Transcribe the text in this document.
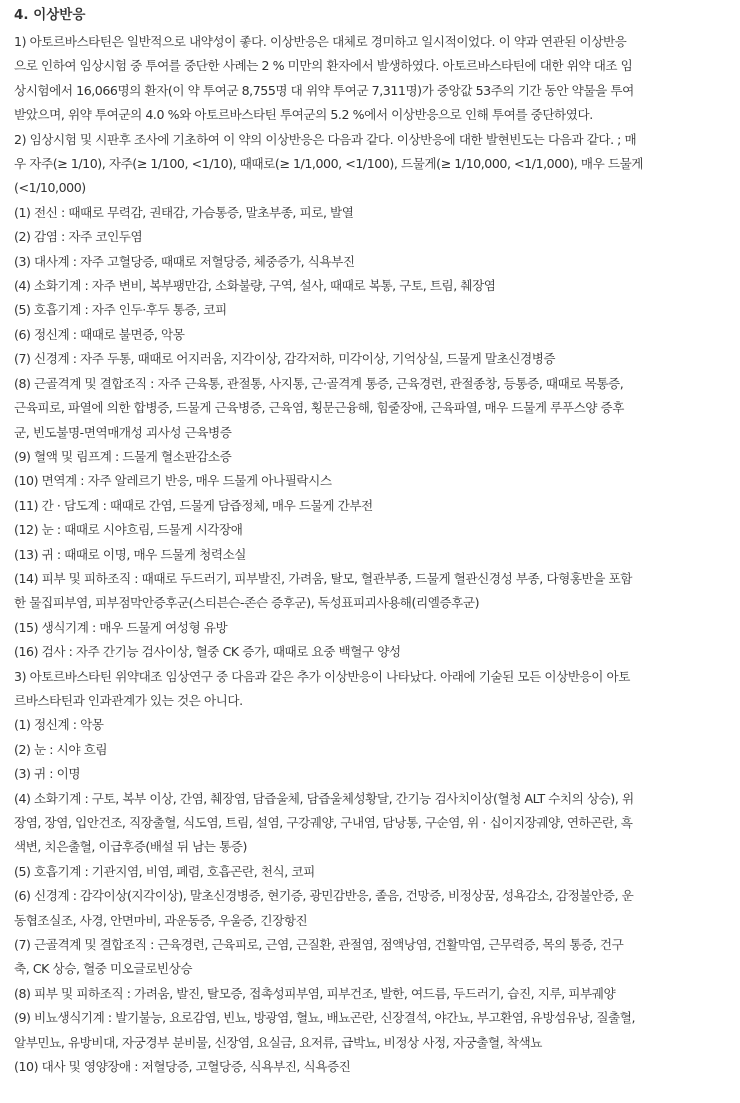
4. 이상반응
1) 아토르바스타틴은 일반적으로 내약성이 좋다. 이상반응은 대체로 경미하고 일시적이었다. 이 약과 연관된 이상반응
으로 인하여 임상시험 중 투여를 중단한 사례는 2 % 미만의 환자에서 발생하였다. 아토르바스타틴에 대한 위약 대조 임
상시험에서 16,066명의 환자(이 약 투여군 8,755명 대 위약 투여군 7,311명)가 중앙값 53주의 기간 동안 약물을 투여
받았으며, 위약 투여군의 4.0 %와 아토르바스타틴 투여군의 5.2 %에서 이상반응으로 인해 투여를 중단하였다.
2) 임상시험 및 시판후 조사에 기초하여 이 약의 이상반응은 다음과 같다. 이상반응에 대한 발현빈도는 다음과 같다. ; 매
우 자주(≥ 1/10), 자주(≥ 1/100, <1/10), 때때로(≥ 1/1,000, <1/100), 드물게(≥ 1/10,000, <1/1,000), 매우 드물게
(<1/10,000)
(1) 전신 : 때때로 무력감, 권태감, 가슴통증, 말초부종, 피로, 발열
(2) 감염 : 자주 코인두염
(3) 대사계 : 자주 고혈당증, 때때로 저혈당증, 체중증가, 식욕부진
(4) 소화기계 : 자주 변비, 복부팽만감, 소화불량, 구역, 설사, 때때로 복통, 구토, 트림, 췌장염
(5) 호흡기계 : 자주 인두·후두 통증, 코피
(6) 정신계 : 때때로 불면증, 악몽
(7) 신경계 : 자주 두통, 때때로 어지러움, 지각이상, 감각저하, 미각이상, 기억상실, 드물게 말초신경병증
(8) 근골격계 및 결합조직 : 자주 근육통, 관절통, 사지통, 근·골격계 통증, 근육경련, 관절종창, 등통증, 때때로 목통증,
근육피로, 파열에 의한 합병증, 드물게 근육병증, 근육염, 횡문근융해, 힘줄장애, 근육파열, 매우 드물게 루푸스양 증후
군, 빈도불명-면역매개성 괴사성 근육병증
(9) 혈액 및 림프계 : 드물게 혈소판감소증
(10) 면역계 : 자주 알레르기 반응, 매우 드물게 아나필락시스
(11) 간 · 담도계 : 때때로 간염, 드물게 담즙정체, 매우 드물게 간부전
(12) 눈 : 때때로 시야흐림, 드물게 시각장애
(13) 귀 : 때때로 이명, 매우 드물게 청력소실
(14) 피부 및 피하조직 : 때때로 두드러기, 피부발진, 가려움, 탈모, 혈관부종, 드물게 혈관신경성 부종, 다형홍반을 포함
한 물집피부염, 피부점막안증후군(스티븐슨-존슨 증후군), 독성표피괴사용해(리엘증후군)
(15) 생식기계 : 매우 드물게 여성형 유방
(16) 검사 : 자주 간기능 검사이상, 혈중 CK 증가, 때때로 요중 백혈구 양성
3) 아토르바스타틴 위약대조 임상연구 중 다음과 같은 추가 이상반응이 나타났다. 아래에 기술된 모든 이상반응이 아토
르바스타틴과 인과관계가 있는 것은 아니다.
(1) 정신계 : 악몽
(2) 눈 : 시야 흐림
(3) 귀 : 이명
(4) 소화기계 : 구토, 복부 이상, 간염, 췌장염, 담즙울체, 담즙울체성황달, 간기능 검사치이상(혈청 ALT 수치의 상승), 위
장염, 장염, 입안건조, 직장출혈, 식도염, 트림, 설염, 구강궤양, 구내염, 담낭통, 구순염, 위 · 십이지장궤양, 연하곤란, 흑
색변, 치은출혈, 이급후증(배설 뒤 남는 통증)
(5) 호흡기계 : 기관지염, 비염, 폐렴, 호흡곤란, 천식, 코피
(6) 신경계 : 감각이상(지각이상), 말초신경병증, 현기증, 광민감반응, 졸음, 건망증, 비정상꿈, 성욕감소, 감정불안증, 운
동협조실조, 사경, 안면마비, 과운동증, 우울증, 긴장항진
(7) 근골격계 및 결합조직 : 근육경련, 근육피로, 근염, 근질환, 관절염, 점액낭염, 건활막염, 근무력증, 목의 통증, 건구
축, CK 상승, 혈중 미오글로빈상승
(8) 피부 및 피하조직 : 가려움, 발진, 탈모증, 접촉성피부염, 피부건조, 발한, 여드름, 두드러기, 습진, 지루, 피부궤양
(9) 비뇨생식기계 : 발기불능, 요로감염, 빈뇨, 방광염, 혈뇨, 배뇨곤란, 신장결석, 야간뇨, 부고환염, 유방섬유낭, 질출혈,
알부민뇨, 유방비대, 자궁경부 분비물, 신장염, 요실금, 요저류, 급박뇨, 비정상 사정, 자궁출혈, 착색뇨
(10) 대사 및 영양장애 : 저혈당증, 고혈당증, 식욕부진, 식욕증진
